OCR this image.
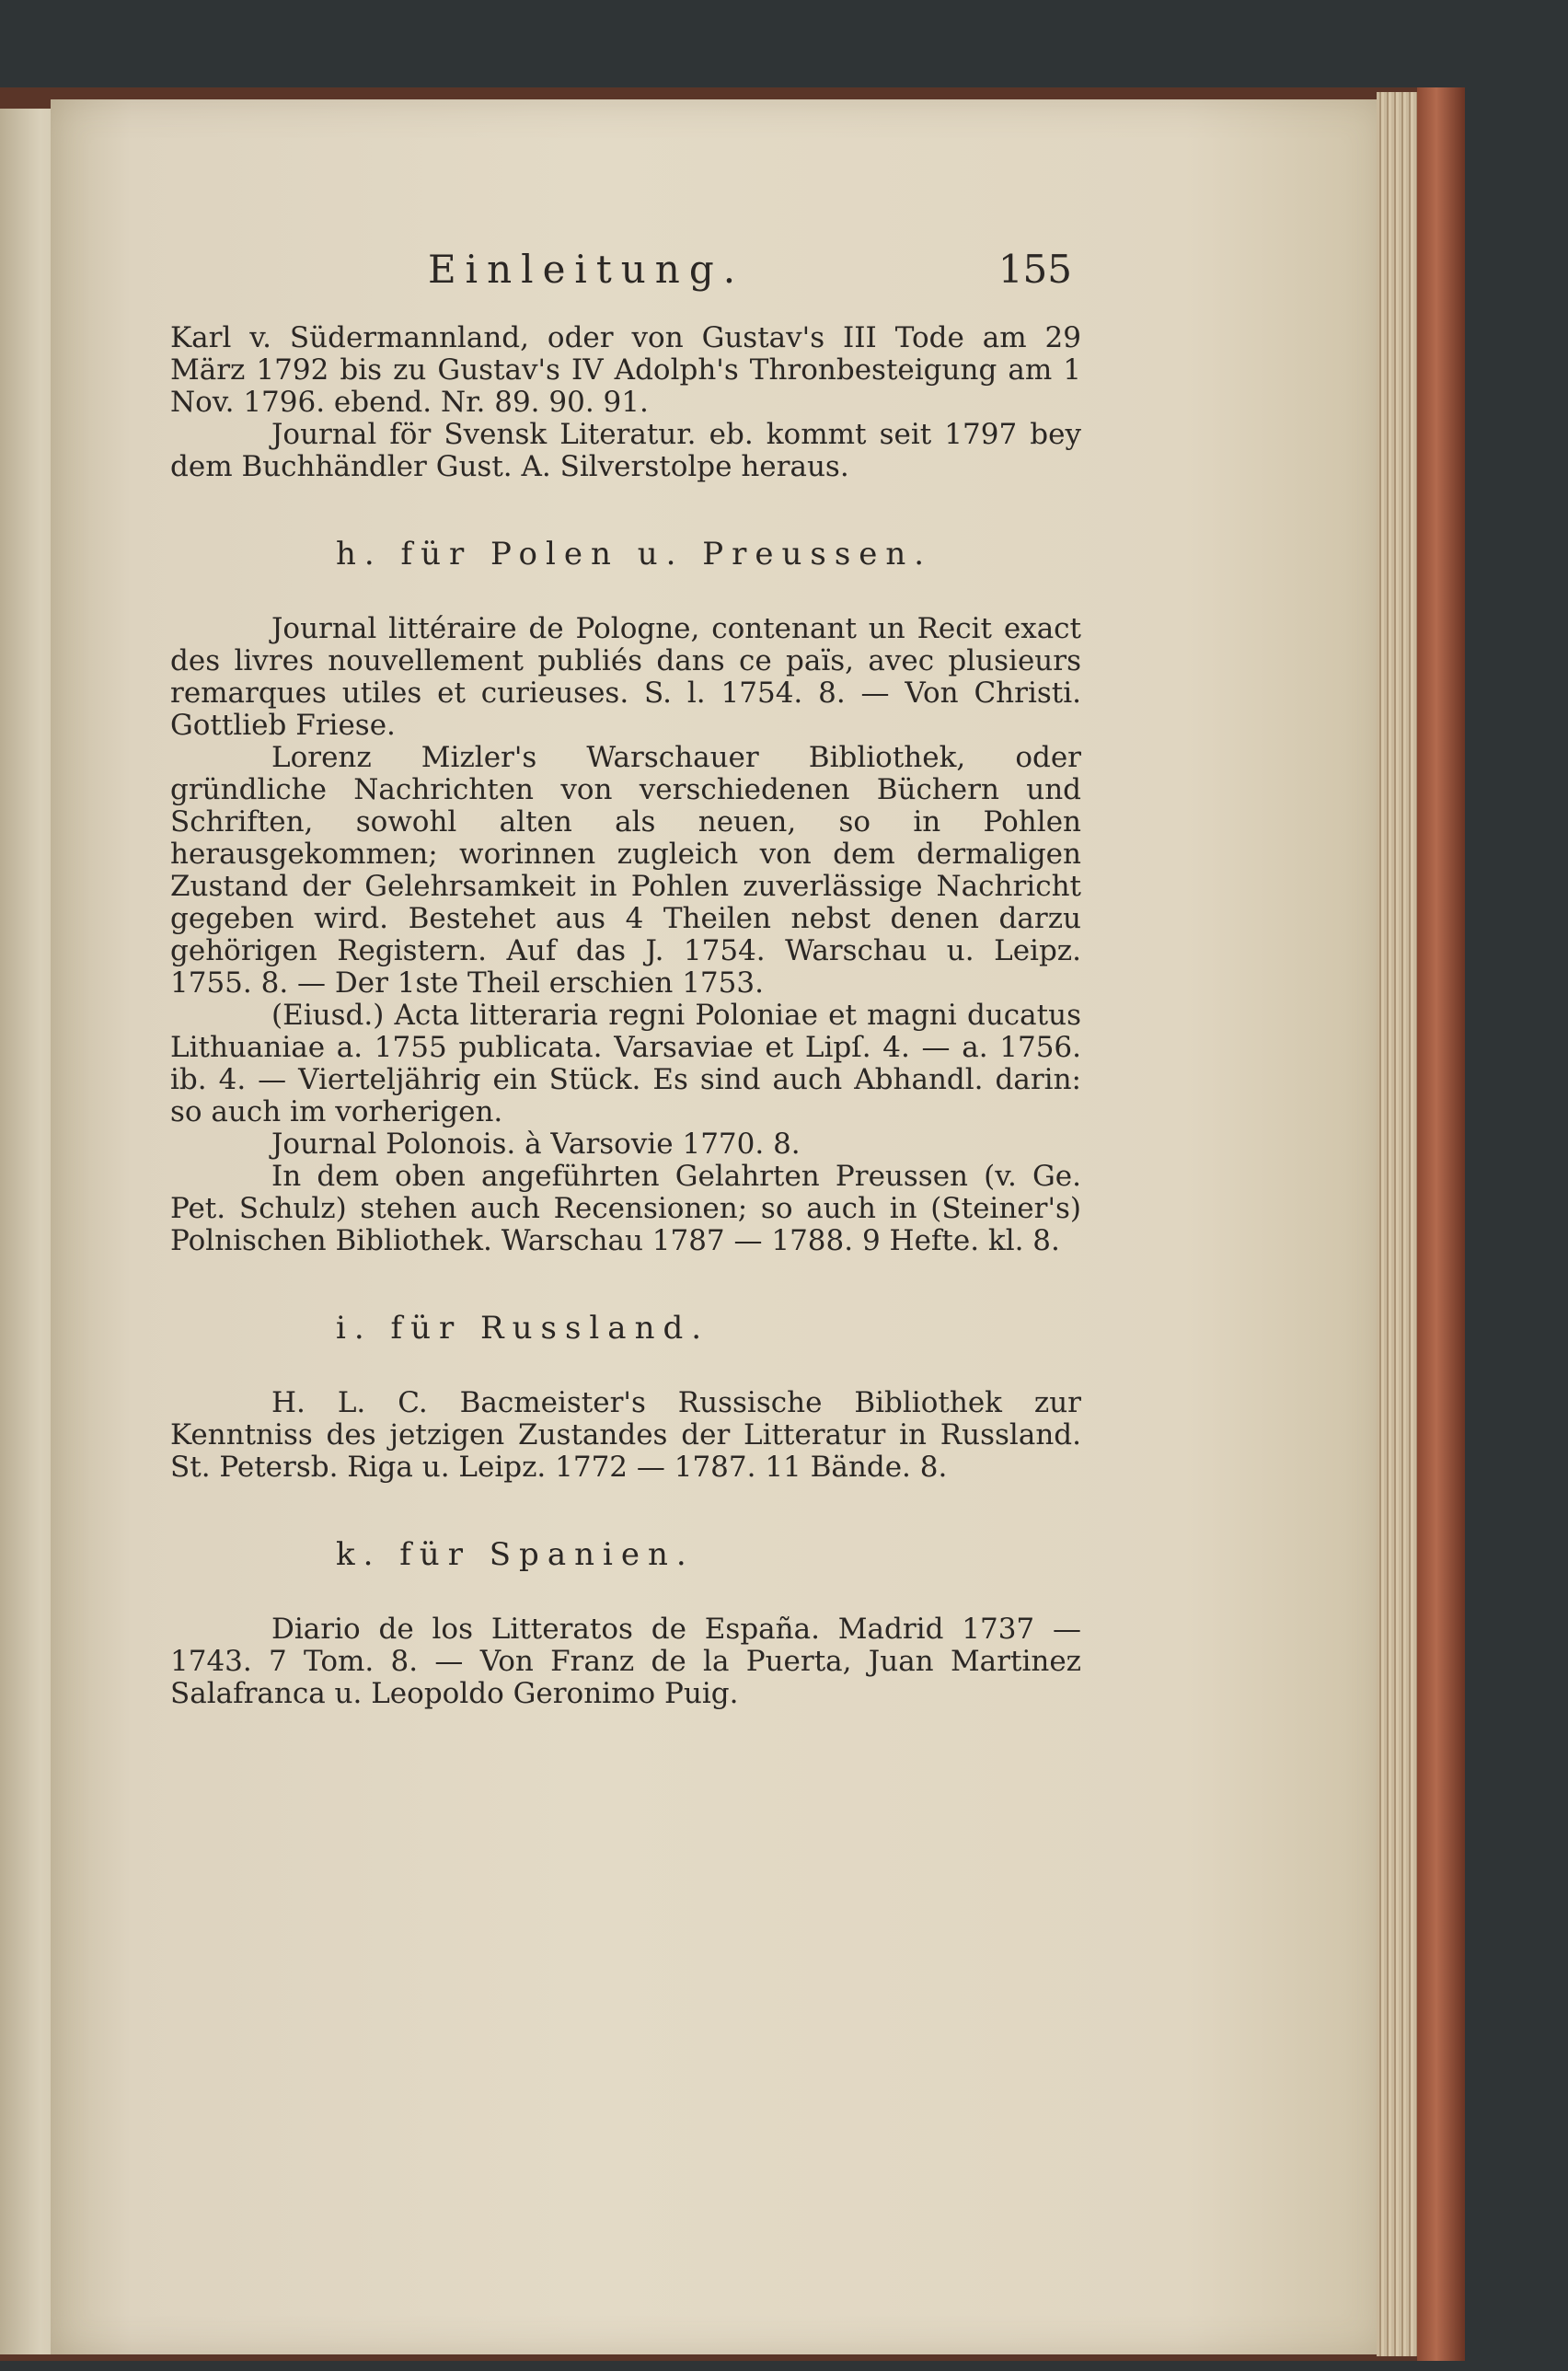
Einleitung.	155

Karl v. Südermannland, oder von Gustav's III Tode am 29 März 1792 bis zu Gustav's IV Adolph's Thronbesteigung am 1 Nov. 1796. ebend. Nr. 89. 90. 91.

Journal för Svensk Literatur. eb. kommt seit 1797 bey dem Buchhändler Gust. A. Silverstolpe heraus.

h. für Polen u. Preussen.

Journal littéraire de Pologne, contenant un Recit exact des livres nouvellement publiés dans ce païs, avec plusieurs remarques utiles et curieuses. S. l. 1754. 8. — Von Christi. Gottlieb Friese.

Lorenz Mizler's Warschauer Bibliothek, oder gründliche Nachrichten von verschiedenen Büchern und Schriften, sowohl alten als neuen, so in Pohlen herausgekommen; worinnen zugleich von dem dermaligen Zustand der Gelehrsamkeit in Pohlen zuverlässige Nachricht gegeben wird. Bestehet aus 4 Theilen nebst denen darzu gehörigen Registern. Auf das J. 1754. Warschau u. Leipz. 1755. 8. — Der 1ste Theil erschien 1753.

(Eiusd.) Acta litteraria regni Poloniae et magni ducatus Lithuaniae a. 1755 publicata. Varsaviae et Lipſ. 4. — a. 1756. ib. 4. — Vierteljährig ein Stück. Es sind auch Abhandl. darin: so auch im vorherigen.

Journal Polonois. à Varsovie 1770. 8.

In dem oben angeführten Gelahrten Preussen (v. Ge. Pet. Schulz) stehen auch Recensionen; so auch in (Steiner's) Polnischen Bibliothek. Warschau 1787 — 1788. 9 Hefte. kl. 8.

i. für Russland.

H. L. C. Bacmeister's Russische Bibliothek zur Kenntniss des jetzigen Zustandes der Litteratur in Russland. St. Petersb. Riga u. Leipz. 1772 — 1787. 11 Bände. 8.

k. für Spanien.

Diario de los Litteratos de España. Madrid 1737 — 1743. 7 Tom. 8. — Von Franz de la Puerta, Juan Martinez Salafranca u. Leopoldo Geronimo Puig.
